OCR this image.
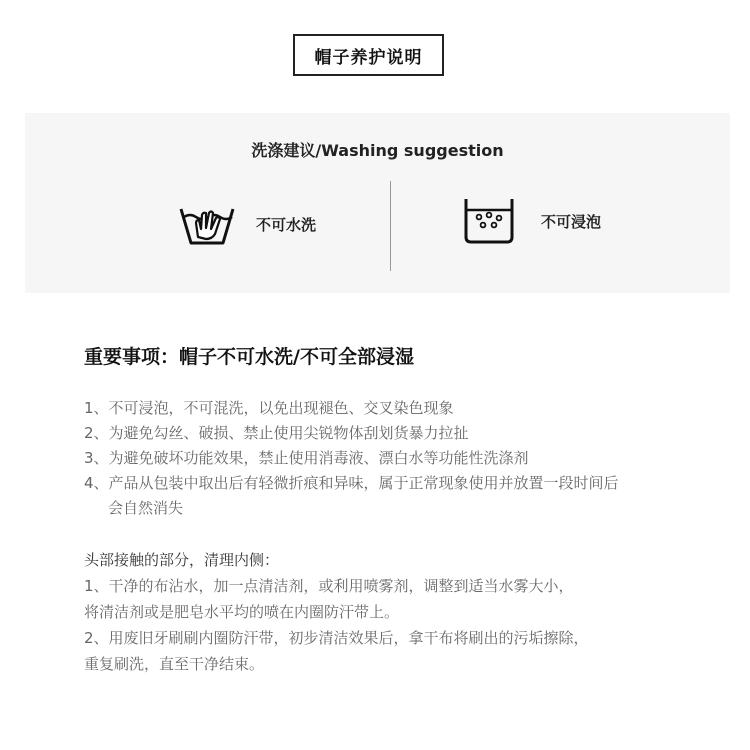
帽子养护说明
洗涤建议/Washing suggestion
不可水洗	不可浸泡
重要事项：帽子不可水洗/不可全部浸湿
1、不可浸泡，不可混洗，以免出现褪色、交叉染色现象
2、为避免勾丝、破损、禁止使用尖锐物体刮划货暴力拉扯
3、为避免破坏功能效果，禁止使用消毒液、漂白水等功能性洗涤剂
4、产品从包装中取出后有轻微折痕和异味，属于正常现象使用并放置一段时间后
会自然消失
头部接触的部分，清理内侧：
1、干净的布沾水，加一点清洁剂，或利用喷雾剂，调整到适当水雾大小，
将清洁剂或是肥皂水平均的喷在内圈防汗带上。
2、用废旧牙刷刷内圈防汗带，初步清洁效果后，拿干布将刷出的污垢擦除，
重复刷洗，直至干净结束。
